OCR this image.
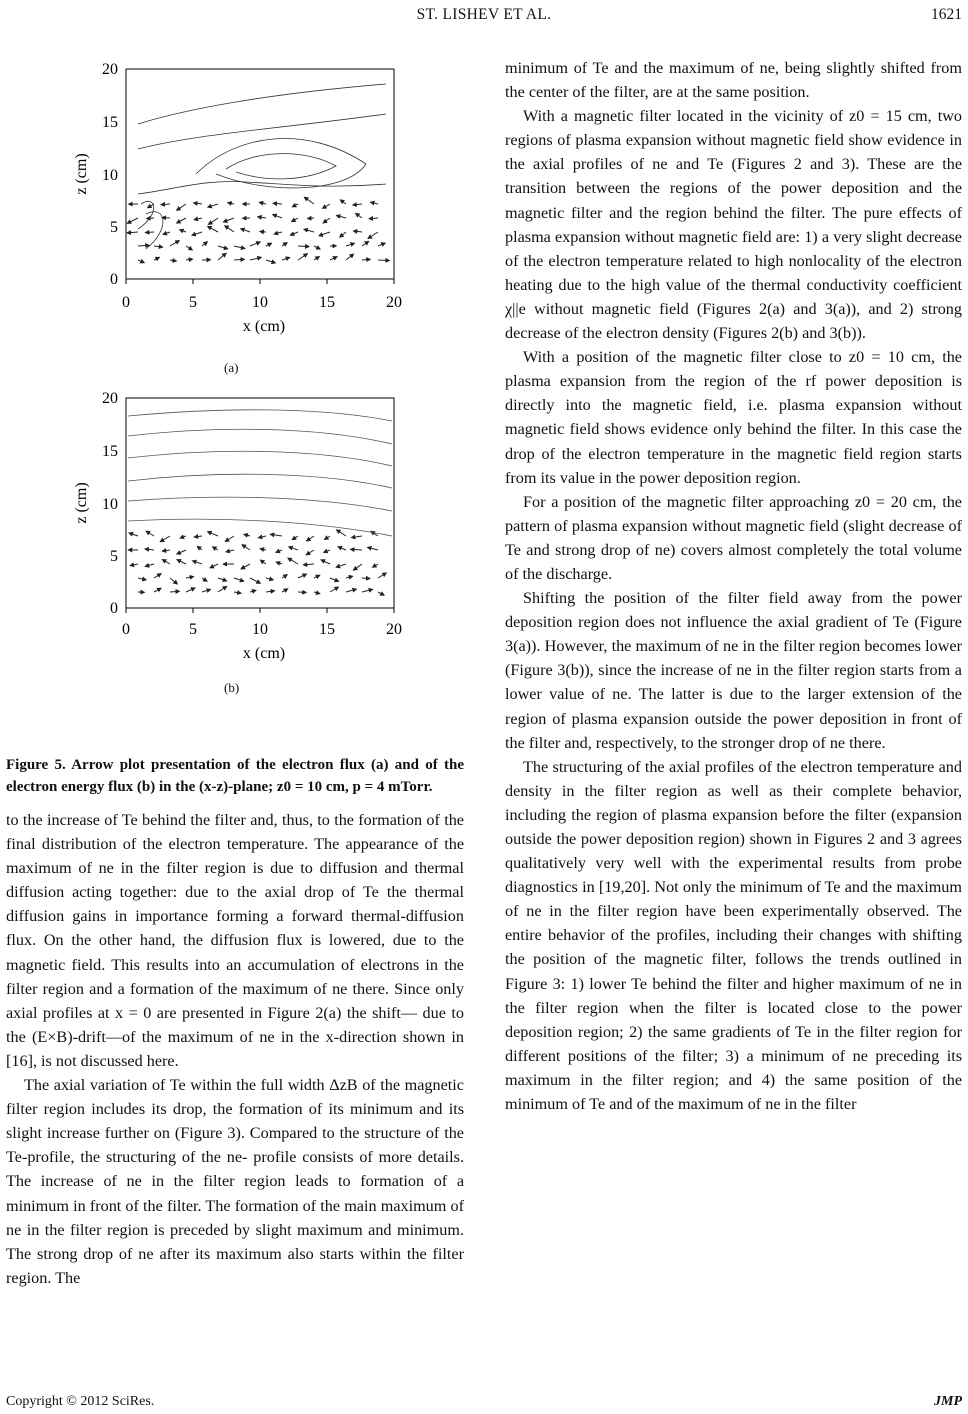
ST. LISHEV ET AL.	1621
0	5	10	15	20
0
5
10
15
20
x (cm)
z (cm)
(a)
0	5	10	15	20
0
5
10
15
20
x (cm)
z (cm)
(b)

Figure 5. Arrow plot presentation of the electron flux (a) and of the electron energy flux (b) in the (x-z)-plane; z0 = 10 cm, p = 4 mTorr.

to the increase of Te behind the filter and, thus, to the formation of the final distribution of the electron temperature. The appearance of the maximum of ne in the filter region is due to diffusion and thermal diffusion acting together: due to the axial drop of Te the thermal diffusion gains in importance forming a forward thermal-diffusion flux. On the other hand, the diffusion flux is lowered, due to the magnetic field. This results into an accumulation of electrons in the filter region and a formation of the maximum of ne there. Since only axial profiles at x = 0 are presented in Figure 2(a) the shift— due to the (E×B)-drift—of the maximum of ne in the x-direction shown in [16], is not discussed here.

The axial variation of Te within the full width ΔzB of the magnetic filter region includes its drop, the formation of its minimum and its slight increase further on (Figure 3). Compared to the structure of the Te-profile, the structuring of the ne- profile consists of more details. The increase of ne in the filter region leads to formation of a minimum in front of the filter. The formation of the main maximum of ne in the filter region is preceded by slight maximum and minimum. The strong drop of ne after its maximum also starts within the filter region. The

minimum of Te and the maximum of ne, being slightly shifted from the center of the filter, are at the same position.

With a magnetic filter located in the vicinity of z0 = 15 cm, two regions of plasma expansion without magnetic field show evidence in the axial profiles of ne and Te (Figures 2 and 3). These are the transition between the regions of the power deposition and the magnetic filter and the region behind the filter. The pure effects of plasma expansion without magnetic field are: 1) a very slight decrease of the electron temperature related to high nonlocality of the electron heating due to the high value of the thermal conductivity coefficient χ||e without magnetic field (Figures 2(a) and 3(a)), and 2) strong decrease of the electron density (Figures 2(b) and 3(b)).

With a position of the magnetic filter close to z0 = 10 cm, the plasma expansion from the region of the rf power deposition is directly into the magnetic field, i.e. plasma expansion without magnetic field shows evidence only behind the filter. In this case the drop of the electron temperature in the magnetic field region starts from its value in the power deposition region.

For a position of the magnetic filter approaching z0 = 20 cm, the pattern of plasma expansion without magnetic field (slight decrease of Te and strong drop of ne) covers almost completely the total volume of the discharge.

Shifting the position of the filter field away from the power deposition region does not influence the axial gradient of Te (Figure 3(a)). However, the maximum of ne in the filter region becomes lower (Figure 3(b)), since the increase of ne in the filter region starts from a lower value of ne. The latter is due to the larger extension of the region of plasma expansion outside the power deposition in front of the filter and, respectively, to the stronger drop of ne there.

The structuring of the axial profiles of the electron temperature and density in the filter region as well as their complete behavior, including the region of plasma expansion before the filter (expansion outside the power deposition region) shown in Figures 2 and 3 agrees qualitatively very well with the experimental results from probe diagnostics in [19,20]. Not only the minimum of Te and the maximum of ne in the filter region have been experimentally observed. The entire behavior of the profiles, including their changes with shifting the position of the magnetic filter, follows the trends outlined in Figure 3: 1) lower Te behind the filter and higher maximum of ne in the filter region when the filter is located close to the power deposition region; 2) the same gradients of Te in the filter region for different positions of the filter; 3) a minimum of ne preceding its maximum in the filter region; and 4) the same position of the minimum of Te and of the maximum of ne in the filter

Copyright © 2012 SciRes.	JMP
